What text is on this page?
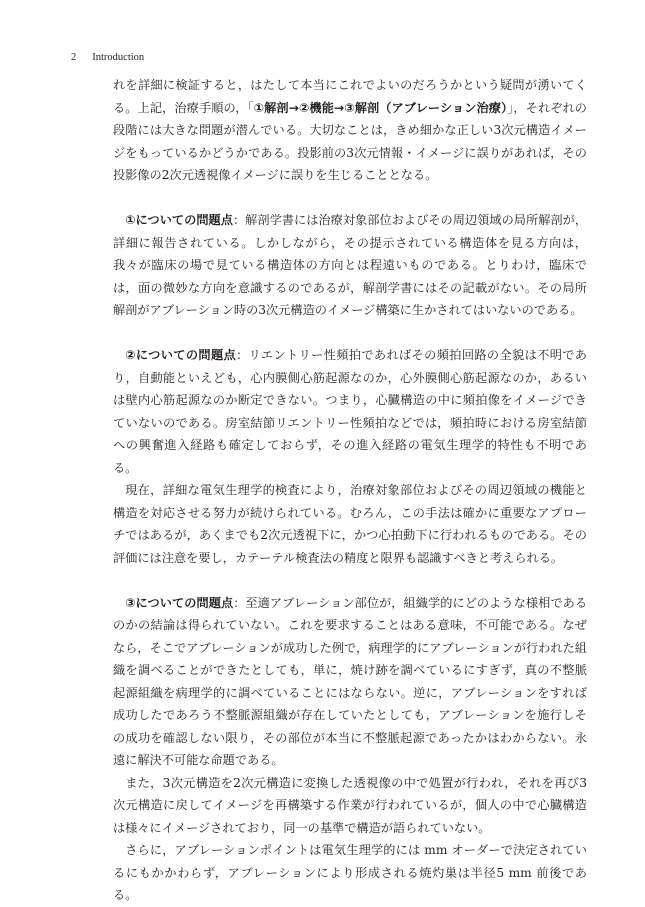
2 Introduction

れを詳細に検証すると，はたして本当にこれでよいのだろうかという疑問が湧いてくる。上記，治療手順の，「①解剖→②機能→③解剖（アブレーション治療）」，それぞれの段階には大きな問題が潜んでいる。大切なことは，きめ細かな正しい3次元構造イメージをもっているかどうかである。投影前の3次元情報・イメージに誤りがあれば，その投影像の2次元透視像イメージに誤りを生じることとなる。

①についての問題点：解剖学書には治療対象部位およびその周辺領域の局所解剖が，詳細に報告されている。しかしながら，その提示されている構造体を見る方向は，我々が臨床の場で見ている構造体の方向とは程遠いものである。とりわけ，臨床では，面の微妙な方向を意識するのであるが，解剖学書にはその記載がない。その局所解剖がアブレーション時の3次元構造のイメージ構築に生かされてはいないのである。

②についての問題点：リエントリー性頻拍であればその頻拍回路の全貌は不明であり，自動能といえども，心内膜側心筋起源なのか，心外膜側心筋起源なのか，あるいは壁内心筋起源なのか断定できない。つまり，心臓構造の中に頻拍像をイメージできていないのである。房室結節リエントリー性頻拍などでは，頻拍時における房室結節への興奮進入経路も確定しておらず，その進入経路の電気生理学的特性も不明である。

現在，詳細な電気生理学的検査により，治療対象部位およびその周辺領域の機能と構造を対応させる努力が続けられている。むろん，この手法は確かに重要なアプローチではあるが，あくまでも2次元透視下に，かつ心拍動下に行われるものである。その評価には注意を要し，カテーテル検査法の精度と限界も認識すべきと考えられる。

③についての問題点：至適アブレーション部位が，組織学的にどのような様相であるのかの結論は得られていない。これを要求することはある意味，不可能である。なぜなら，そこでアブレーションが成功した例で，病理学的にアブレーションが行われた組織を調べることができたとしても，単に，焼け跡を調べているにすぎず，真の不整脈起源組織を病理学的に調べていることにはならない。逆に，アブレーションをすれば成功したであろう不整脈源組織が存在していたとしても，アブレーションを施行しその成功を確認しない限り，その部位が本当に不整脈起源であったかはわからない。永遠に解決不可能な命題である。

また，3次元構造を2次元構造に変換した透視像の中で処置が行われ，それを再び3次元構造に戻してイメージを再構築する作業が行われているが，個人の中で心臓構造は様々にイメージされており，同一の基準で構造が語られていない。

さらに，アブレーションポイントは電気生理学的には mm オーダーで決定されているにもかかわらず，アブレーションにより形成される焼灼巣は半径5 mm 前後である。
